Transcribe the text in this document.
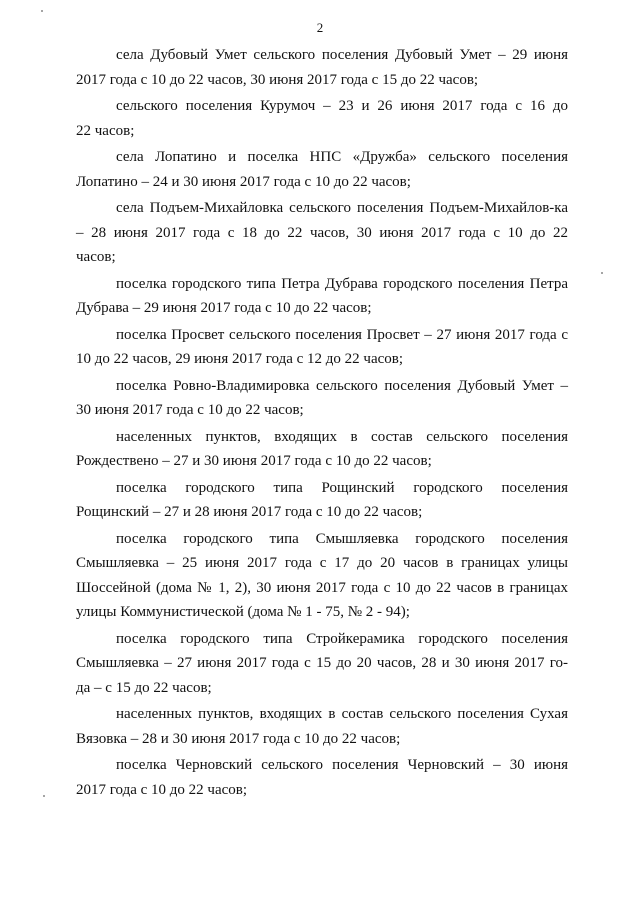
2

села Дубовый Умет сельского поселения Дубовый Умет – 29 июня
2017 года с 10 до 22 часов, 30 июня 2017 года с 15 до 22 часов;

сельского поселения Курумоч – 23 и 26 июня 2017 года с 16 до
22 часов;

села Лопатино и поселка НПС «Дружба» сельского поселения
Лопатино – 24 и 30 июня 2017 года с 10 до 22 часов;

села Подъем-Михайловка сельского поселения Подъем-Михайлов-ка – 28 июня 2017 года с 18 до 22 часов, 30 июня 2017 года с 10 до 22
часов;

поселка городского типа Петра Дубрава городского поселения Петра
Дубрава – 29 июня 2017 года с 10 до 22 часов;

поселка Просвет сельского поселения Просвет – 27 июня 2017 года с
10 до 22 часов, 29 июня 2017 года с 12 до 22 часов;

поселка Ровно-Владимировка сельского поселения Дубовый Умет –
30 июня 2017 года с 10 до 22 часов;

населенных пунктов, входящих в состав сельского поселения
Рождествено – 27 и 30 июня 2017 года с 10 до 22 часов;

поселка городского типа Рощинский городского поселения
Рощинский – 27 и 28 июня 2017 года с 10 до 22 часов;

поселка городского типа Смышляевка городского поселения Смышляевка – 25 июня 2017 года с 17 до 20 часов в границах улицы Шоссейной (дома № 1, 2), 30 июня 2017 года с 10 до 22 часов в границах
улицы Коммунистической (дома № 1 - 75, № 2 - 94);

поселка городского типа Стройкерамика городского поселения Смышляевка – 27 июня 2017 года с 15 до 20 часов, 28 и 30 июня 2017 го-
да – с 15 до 22 часов;

населенных пунктов, входящих в состав сельского поселения Сухая
Вязовка – 28 и 30 июня 2017 года с 10 до 22 часов;

поселка Черновский сельского поселения Черновский – 30 июня
2017 года с 10 до 22 часов;
